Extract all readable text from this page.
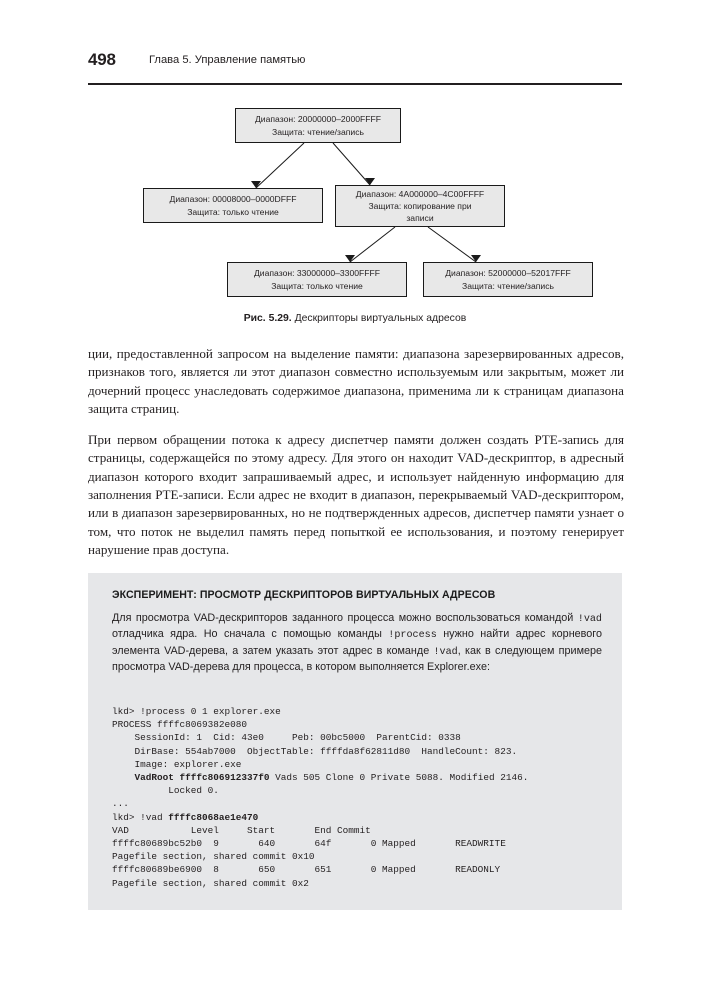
498	Глава 5. Управление памятью
Диапазон: 20000000–2000FFFF
Защита: чтение/запись
Диапазон: 00008000–0000DFFF
Защита: только чтение
Диапазон: 4A000000–4C00FFFF
Защита: копирование при
записи
Диапазон: 33000000–3300FFFF
Защита: только чтение
Диапазон: 52000000–52017FFF
Защита: чтение/запись
Рис. 5.29. Дескрипторы виртуальных адресов

ции, предоставленной запросом на выделение памяти: диапазона зарезервированных адресов, признаков того, является ли этот диапазон совместно используемым или закрытым, может ли дочерний процесс унаследовать содержимое диапазона, применима ли к страницам диапазона защита страниц.

При первом обращении потока к адресу диспетчер памяти должен создать PTE-запись для страницы, содержащейся по этому адресу. Для этого он находит VAD-дескриптор, в адресный диапазон которого входит запрашиваемый адрес, и использует найденную информацию для заполнения PTE-записи. Если адрес не входит в диапазон, перекрываемый VAD-дескриптором, или в диапазон зарезервированных, но не подтвержденных адресов, диспетчер памяти узнает о том, что поток не выделил память перед попыткой ее использования, и поэтому генерирует нарушение прав доступа.

ЭКСПЕРИМЕНТ: ПРОСМОТР ДЕСКРИПТОРОВ ВИРТУАЛЬНЫХ АДРЕСОВ
Для просмотра VAD-дескрипторов заданного процесса можно воспользоваться командой !vad отладчика ядра. Но сначала с помощью команды !process нужно найти адрес корневого элемента VAD-дерева, а затем указать этот адрес в команде !vad, как в следующем примере просмотра VAD-дерева для процесса, в котором выполняется Explorer.exe:
lkd> !process 0 1 explorer.exe
PROCESS ffffc8069382e080
SessionId: 1  Cid: 43e0     Peb: 00bc5000  ParentCid: 0338
DirBase: 554ab7000  ObjectTable: ffffda8f62811d80  HandleCount: 823.
Image: explorer.exe
VadRoot ffffc806912337f0 Vads 505 Clone 0 Private 5088. Modified 2146.
Locked 0.
...
lkd> !vad ffffc8068ae1e470
VAD           Level     Start       End Commit
ffffc80689bc52b0  9       640       64f       0 Mapped       READWRITE
Pagefile section, shared commit 0x10
ffffc80689be6900  8       650       651       0 Mapped       READONLY
Pagefile section, shared commit 0x2
